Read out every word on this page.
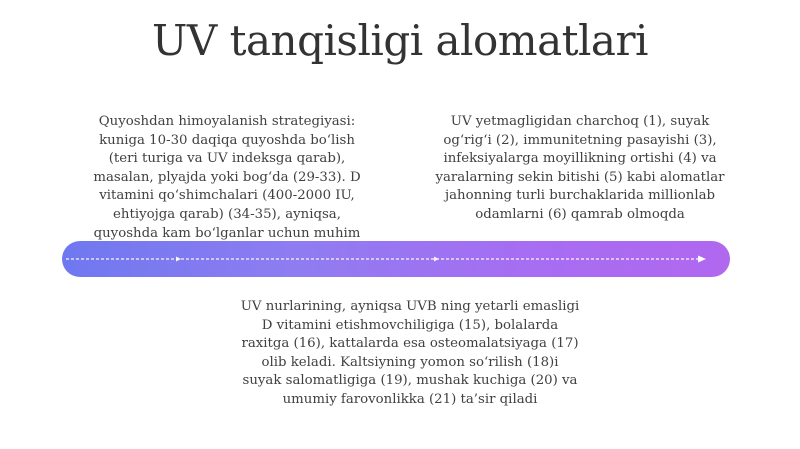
UV tanqisligi alomatlari
Quyoshdan himoyalanish strategiyasi:
kuniga 10-30 daqiqa quyoshda bo‘lish
(teri turiga va UV indeksga qarab),
masalan, plyajda yoki bog‘da (29-33). D
vitamini qo‘shimchalari (400-2000 IU,
ehtiyojga qarab) (34-35), ayniqsa,
quyoshda kam bo‘lganlar uchun muhim
UV yetmagligidan charchoq (1), suyak
og‘rig‘i (2), immunitetning pasayishi (3),
infeksiyalarga moyillikning ortishi (4) va
yaralarning sekin bitishi (5) kabi alomatlar
jahonning turli burchaklarida millionlab
odamlarni (6) qamrab olmoqda
UV nurlarining, ayniqsa UVB ning yetarli emasligi
D vitamini etishmovchiligiga (15), bolalarda
raxitga (16), kattalarda esa osteomalatsiyaga (17)
olib keladi. Kaltsiyning yomon so‘rilish (18)i
suyak salomatligiga (19), mushak kuchiga (20) va
umumiy farovonlikka (21) ta’sir qiladi
